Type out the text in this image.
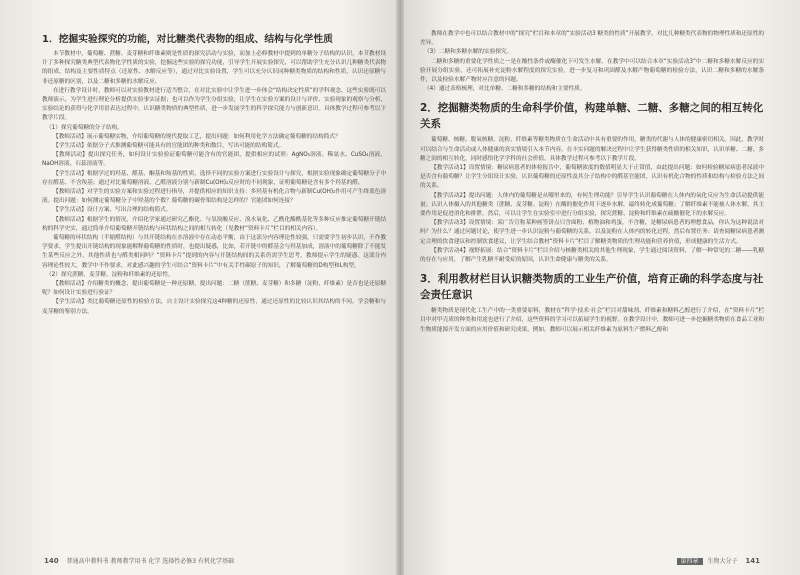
1．挖掘实验探究的功能，对比糖类代表物的组成、结构与化学性质

本节教材中，葡萄糖、蔗糖、麦芽糖和纤维素则是性质的探究活动与实验，而加上必修教材中提到的单糖分子结构的认识，本节教材设计了多种探究糖类典型代表物化学性质的实验，挖掘这些实验的探究功能，引导学生开展实验探究，可以帮助学生充分认识几种糖类代表物的组成、结构及主要性质特点（还原性、水解反应等），通过对比实验设置，学生可以充分认识同种糖类物质的结构和性质，认识还原糖与非还原糖的区别，以及二糖和多糖的水解反应。

在进行教学设计时，教师可以对实验教材进行适当整合，在对比实验中让学生进一步体会“结构决定性质”的学科观念，这些实验既可以教师演示，为学生进行理论分析提供实验事实证据；也可以作为学生分组实验，让学生在实验方案的设计与评价、实验现象的观察与分析、实验结论的获得与化学用语表达过程中，认识糖类物质的典型性质，进一步发展学生的科学探究能力与创新意识。具体教学过程可参考以下教学片段。

（1）探究葡萄糖的分子结构。

【教师活动】展示葡萄糖实物，介绍葡萄糖的现代提取工艺，提出问题：如何利用化学方法确定葡萄糖的结构简式？

【学生活动】依据分子式推测葡萄糖可能具有的官能团的种类和数目，写出可能的结构简式。

【教师活动】提出探究任务，如何设计实验验证葡萄糖可能含有的官能团，提供相应的试剂：AgNO₃溶液、稀氨水、CuSO₄溶液、NaOH溶液、石蕊溶液等。

【学生活动】根据学过的羟基、醛基、酮基和羧基的性质，选择不同的实验方案进行实验设计与探究，根据实验现象确定葡萄糖分子中存在醛基、不含羧基；通过对比葡萄糖溶液、乙醛溶液分别与新制Cu(OH)₂反应时的不同现象，证明葡萄糖是含有多个羟基的醛。

【教师活动】对学生的实验方案和实验过程进行指导，并提供相应的知识支持：多羟基有机化合物与新制Cu(OH)₂作用可产生绛蓝色溶液。提出问题：如何测定葡萄糖分子中羟基的个数？葡萄糖的碳骨架结构是怎样的？官能团如何连接？

【学生活动】设计方案，写出合理的结构简式。

【教师活动】根据学生的情况，介绍化学家通过研究乙酯化、与氢溴酸反应、溴水氧化、乙酰化酯酰基化等多种反应推定葡萄糖开链结构的科学史实，通过简单介绍葡萄糖开链结构与环状结构之间的相互转化（见教材“资料卡片”栏目的相关内容）。

葡萄糖的环状结构（半缩醛结构）与其开链结构在水溶液中存在动态平衡，由于这部分内容理论性较强，只需要学生初步认识，不作教学要求。学生提出开链结构的现象能解释葡萄糖的性质时，也提出疑惑，比如，若开链中的醛基会与羟基加成，溶液中的葡萄糖除了不能发生某些反应之外，其他性质也与醛类相同吗？“资料卡片”提到的内容与开链结构间的关系仍需学生思考，教师提示学生的疑惑。这部分内容理论性较大，教学中不作要求。对此感兴趣的学生可结合“资料卡片”中有关手性碳原子的知识，了解葡萄糖的D构型和L构型。

（2）探究蔗糖、麦芽糖、淀粉和纤维素的还原性。

【教师活动】介绍糖类的概念，提出葡萄糖是一种还原糖，提出问题：二糖（蔗糖、麦芽糖）和多糖（淀粉、纤维素）是否也是还原糖呢？如何设计实验进行验证？

【学生活动】类比葡萄糖还原性的检验方法，自主设计实验探究这4种糖的还原性，通过还原性的比较认识其结构的不同，学会糖和与麦芽糖的鉴别方法。

140 普通高中教科书 教师教学用书 化学 选择性必修3 有机化学基础

教师在教学中也可以结合教材中的“探究”栏目和本章的“实验活动3 糖类的性质”开展教学，对比几种糖类代表物的物理性质和还原性的差异。

（3）二糖和多糖水解的实验探究。

二糖和多糖的重要化学性质之一是在酸性条件或酶催化下可发生水解。在教学中可以结合本章“实验活动3”中二糖和多糖水解反应的实验开展分组实验，还可拓展补充淀粉水解程度的探究实验，进一步复习和巩固醛及水解产物葡萄糖的检验方法，认识二糖和多糖的水解条件，以及检验水解产物时应注意的问题。

（4）通过表格梳理，对比单糖、二糖和多糖的结构和主要性质。

2．挖掘糖类物质的生命科学价值，构建单糖、二糖、多糖之间的相互转化关系

葡萄糖、核糖、脱氧核糖、淀粉、纤维素等糖类物质在生命活动中具有重要的作用，糖类的代谢与人体的健康密切相关。因此，教学时可以结合与生命活动或人体健康的真实情境引入本节内容，在丰实问题的解决过程中让学生获得糖类性质的相关知识，认识单糖、二糖、多糖之间的相互转化，同时感悟化学学科的社会价值。具体教学过程可参考以下教学片段。

【教学活动1】设置情境：糖尿病患者的体检报告中，葡萄糖浓度的数值明显大于正常值，由此提出问题：如何检验糖尿病患者尿液中是否含有葡萄糖？让学生分组设计实验，认识葡萄糖的还原性及其分子结构中的醛基官能团，认识有机化合物的性质和结构与检验方法之间的关系。

【教学活动2】提出问题：人体内的葡萄糖是从哪里来的，有何生理功能？引导学生认识葡萄糖在人体内的氧化反应为生命活动提供能量；认识人体摄入的其他糖类（蔗糖、麦芽糖、淀粉）在酶的催化作用下逐步水解，最终转化成葡萄糖；了解纤维素不能被人体水解，其主要作用是促进消化和排泄。然后，可以让学生在实验室中进行分组实验，探究蔗糖、淀粉和纤维素在硫酸催化下的水解反应。

【教学活动3】设置情境：某广告宣称某种画签饼点只含面粉、植物油和鸡蛋，不含糖，是糖尿病患者的理想食品，你认为这种说法对吗？为什么？通过问题讨论，使学生进一步认识淀粉与葡萄糖的关系，以及淀粉在人体内的转化过程，然后布置任务：请查阅糖尿病患者测定合理的饮食建议和控制饮食建议，让学生结合教材“资料卡片”栏目了解糖类物质的生理功能和营养价值，形成健康的生活方式。

【教学活动4】视野拓展：结合“资料卡片”栏目介绍与核糖类相关的其他生理现象，学生通过阅读资料，了解一种常见的二糖——乳糖的存在与应用，了解产生乳糖不耐受症的原因，认识生命健康与糖类的关系。

3．利用教材栏目认识糖类物质的工业生产价值，培育正确的科学态度与社会责任意识

糖类物质是现代化工生产中的一类重要原料，教材在“科学·技术·社会”栏目对甜味剂、纤维素和糖料乙醇进行了介绍，在“资料卡片”栏目中对甲壳质的种类和用途也进行了介绍，这些资料的学习可以拓展学生的视野。在教学设计中，教师可进一步挖掘糖类物质在食品工业和生物质能源开发方面的应用价值和研究成果，例如，教师可以展示相关纤维素为原料生产燃料乙醇和

第四章 生物大分子 141
